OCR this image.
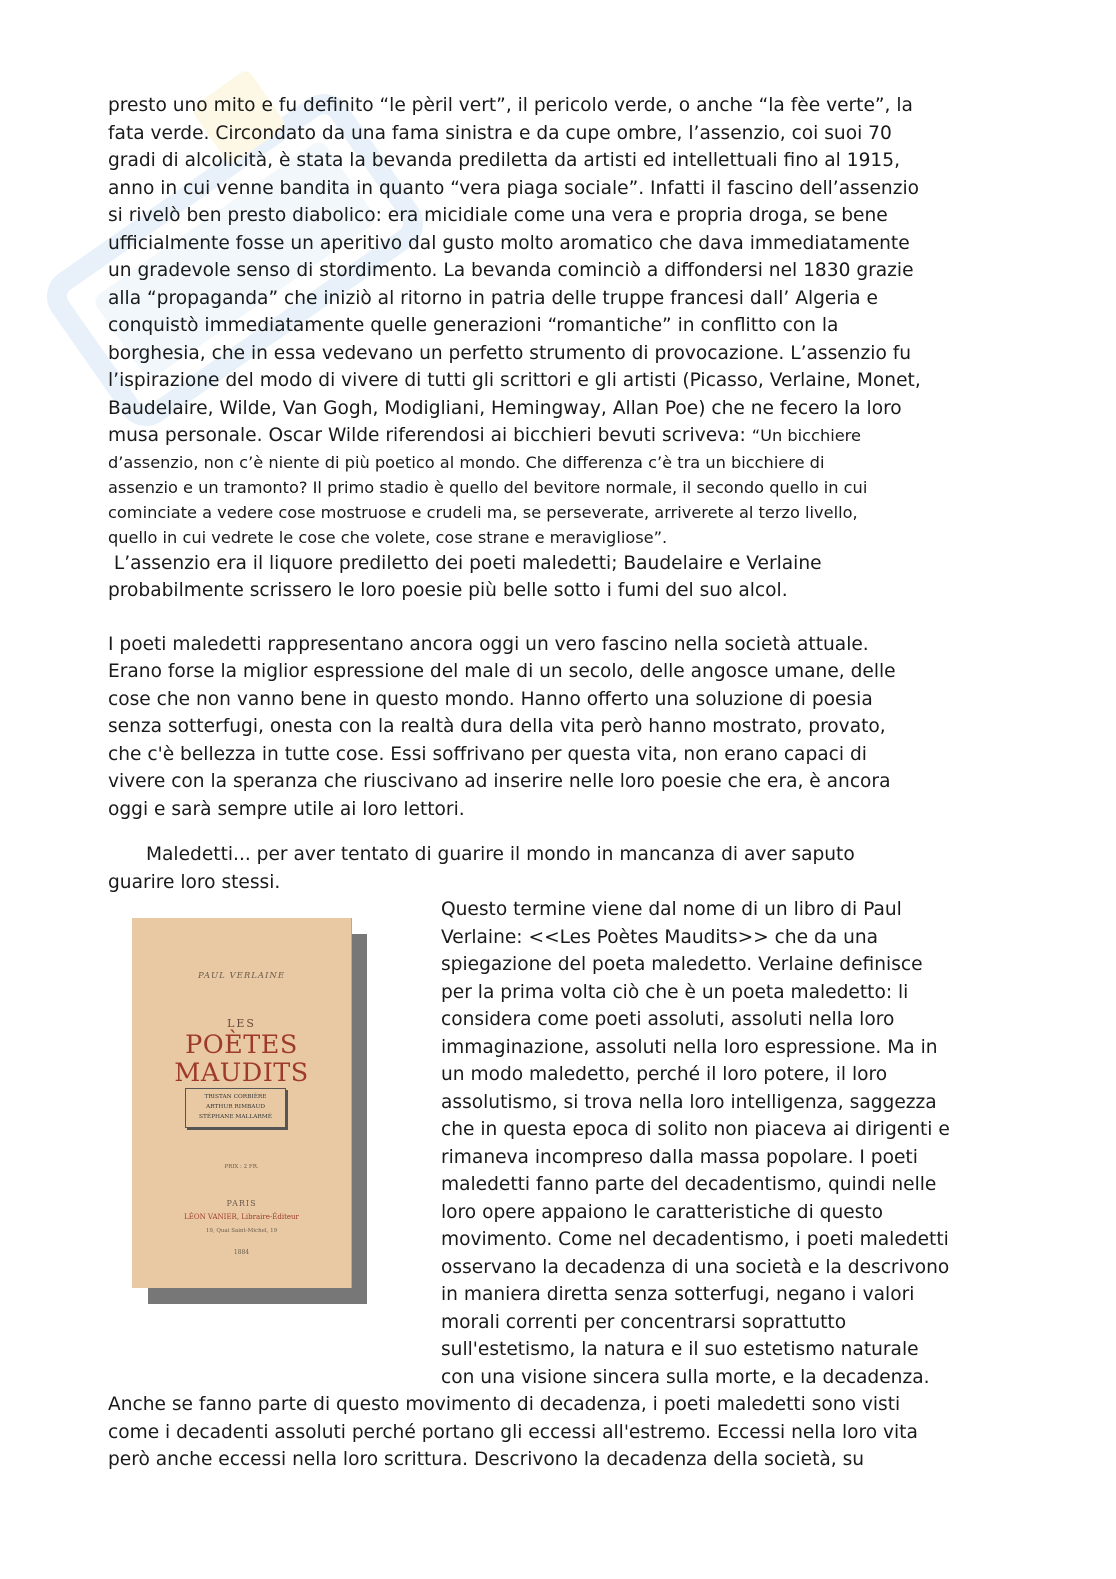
presto uno mito e fu definito “le pèril vert”, il pericolo verde, o anche “la fèe verte”, la

fata verde. Circondato da una fama sinistra e da cupe ombre, l’assenzio, coi suoi 70

gradi di alcolicità, è stata la bevanda prediletta da artisti ed intellettuali fino al 1915,

anno in cui venne bandita in quanto “vera piaga sociale”. Infatti il fascino dell’assenzio

si rivelò ben presto diabolico: era micidiale come una vera e propria droga, se bene

ufficialmente fosse un aperitivo dal gusto molto aromatico che dava immediatamente

un gradevole senso di stordimento. La bevanda cominciò a diffondersi nel 1830 grazie

alla “propaganda” che iniziò al ritorno in patria delle truppe francesi dall’ Algeria e

conquistò immediatamente quelle generazioni “romantiche” in conflitto con la

borghesia, che in essa vedevano un perfetto strumento di provocazione. L’assenzio fu

l’ispirazione del modo di vivere di tutti gli scrittori e gli artisti (Picasso, Verlaine, Monet,

Baudelaire, Wilde, Van Gogh, Modigliani, Hemingway, Allan Poe) che ne fecero la loro

musa personale. Oscar Wilde riferendosi ai bicchieri bevuti scriveva: “Un bicchiere

d’assenzio, non c’è niente di più poetico al mondo. Che differenza c’è tra un bicchiere di

assenzio e un tramonto? Il primo stadio è quello del bevitore normale, il secondo quello in cui

cominciate a vedere cose mostruose e crudeli ma, se perseverate, arriverete al terzo livello,

quello in cui vedrete le cose che volete, cose strane e meravigliose”.

L’assenzio era il liquore prediletto dei poeti maledetti; Baudelaire e Verlaine

probabilmente scrissero le loro poesie più belle sotto i fumi del suo alcol.

I poeti maledetti rappresentano ancora oggi un vero fascino nella società attuale.

Erano forse la miglior espressione del male di un secolo, delle angosce umane, delle

cose che non vanno bene in questo mondo. Hanno offerto una soluzione di poesia

senza sotterfugi, onesta con la realtà dura della vita però hanno mostrato, provato,

che c'è bellezza in tutte cose. Essi soffrivano per questa vita, non erano capaci di

vivere con la speranza che riuscivano ad inserire nelle loro poesie che era, è ancora

oggi e sarà sempre utile ai loro lettori.

Maledetti... per aver tentato di guarire il mondo in mancanza di aver saputo

guarire loro stessi.

PAUL VERLAINE
LES
POÈTES MAUDITS
TRISTAN CORBIÈRE
ARTHUR RIMBAUD
STÉPHANE MALLARMÉ
PRIX : 2 FR.
PARIS
LÉON VANIER, Libraire-Éditeur
19, Quai Saint-Michel, 19
1884

Questo termine viene dal nome di un libro di Paul

Verlaine: <<Les Poètes Maudits>> che da una

spiegazione del poeta maledetto. Verlaine definisce

per la prima volta ciò che è un poeta maledetto: li

considera come poeti assoluti, assoluti nella loro

immaginazione, assoluti nella loro espressione. Ma in

un modo maledetto, perché il loro potere, il loro

assolutismo, si trova nella loro intelligenza, saggezza

che in questa epoca di solito non piaceva ai dirigenti e

rimaneva incompreso dalla massa popolare. I poeti

maledetti fanno parte del decadentismo, quindi nelle

loro opere appaiono le caratteristiche di questo

movimento. Come nel decadentismo, i poeti maledetti

osservano la decadenza di una società e la descrivono

in maniera diretta senza sotterfugi, negano i valori

morali correnti per concentrarsi soprattutto

sull'estetismo, la natura e il suo estetismo naturale

con una visione sincera sulla morte, e la decadenza.

Anche se fanno parte di questo movimento di decadenza, i poeti maledetti sono visti

come i decadenti assoluti perché portano gli eccessi all'estremo. Eccessi nella loro vita

però anche eccessi nella loro scrittura. Descrivono la decadenza della società, su
